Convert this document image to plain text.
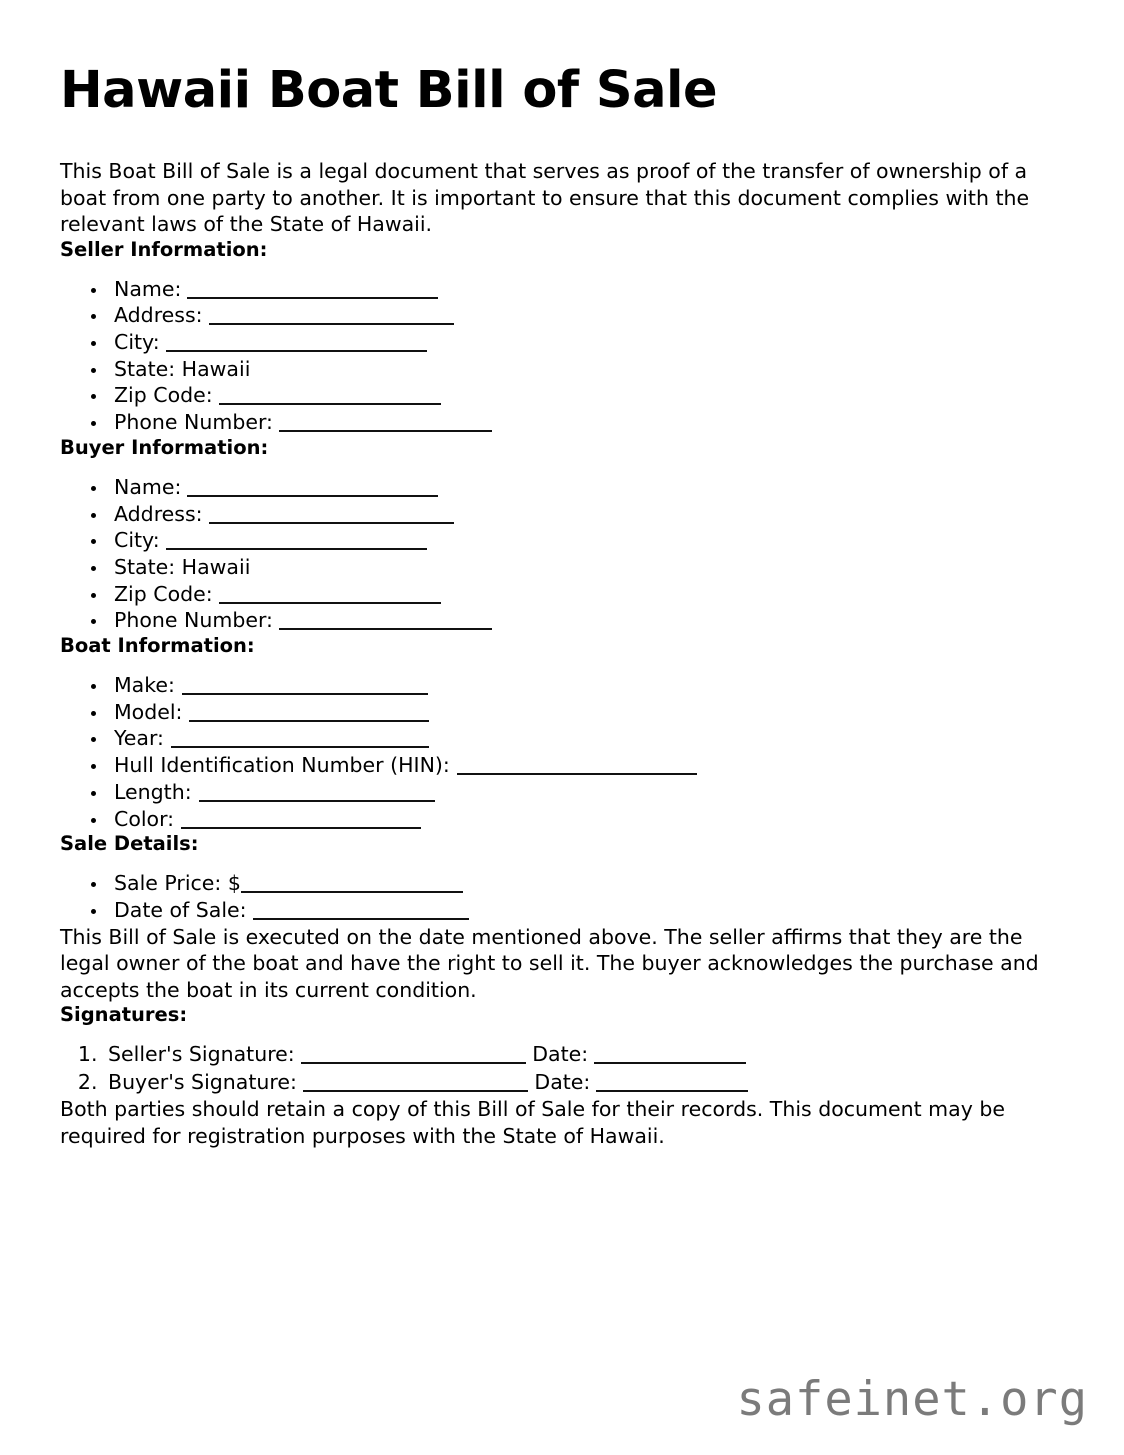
Hawaii Boat Bill of Sale

This Boat Bill of Sale is a legal document that serves as proof of the transfer of ownership of a boat from one party to another. It is important to ensure that this document complies with the relevant laws of the State of Hawaii.

Seller Information:
• Name:
• Address:
• City:
• State: Hawaii
• Zip Code:
• Phone Number:
Buyer Information:
• Name:
• Address:
• City:
• State: Hawaii
• Zip Code:
• Phone Number:
Boat Information:
• Make:
• Model:
• Year:
• Hull Identification Number (HIN):
• Length:
• Color:
Sale Details:
• Sale Price: $
• Date of Sale:

This Bill of Sale is executed on the date mentioned above. The seller affirms that they are the legal owner of the boat and have the right to sell it. The buyer acknowledges the purchase and accepts the boat in its current condition.

Signatures:
1. Seller's Signature:	Date:
2. Buyer's Signature:	Date:

Both parties should retain a copy of this Bill of Sale for their records. This document may be required for registration purposes with the State of Hawaii.

safeinet.org
